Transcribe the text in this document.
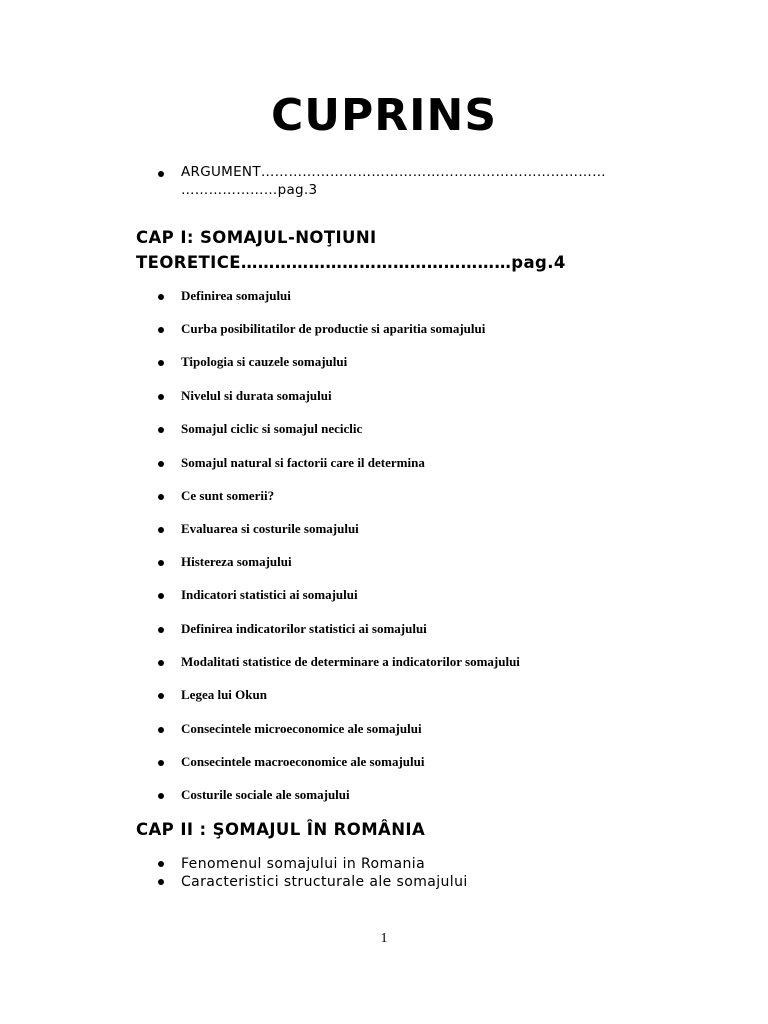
CUPRINS
ARGUMENT…………………………………………………………………
…………………pag.3
CAP I: SOMAJUL-NOŢIUNI
TEORETICE…………………………………………pag.4
Definirea somajului
Curba posibilitatilor de productie si aparitia somajului
Tipologia si cauzele somajului
Nivelul si durata somajului
Somajul ciclic si somajul neciclic
Somajul natural si factorii care il determina
Ce sunt somerii?
Evaluarea si costurile somajului
Histereza somajului
Indicatori statistici ai somajului
Definirea indicatorilor statistici ai somajului
Modalitati statistice de determinare a indicatorilor somajului
Legea lui Okun
Consecintele microeconomice ale somajului
Consecintele macroeconomice ale somajului
Costurile sociale ale somajului
CAP II : ŞOMAJUL ÎN ROMÂNIA
Fenomenul somajului in Romania
Caracteristici structurale ale somajului
1
